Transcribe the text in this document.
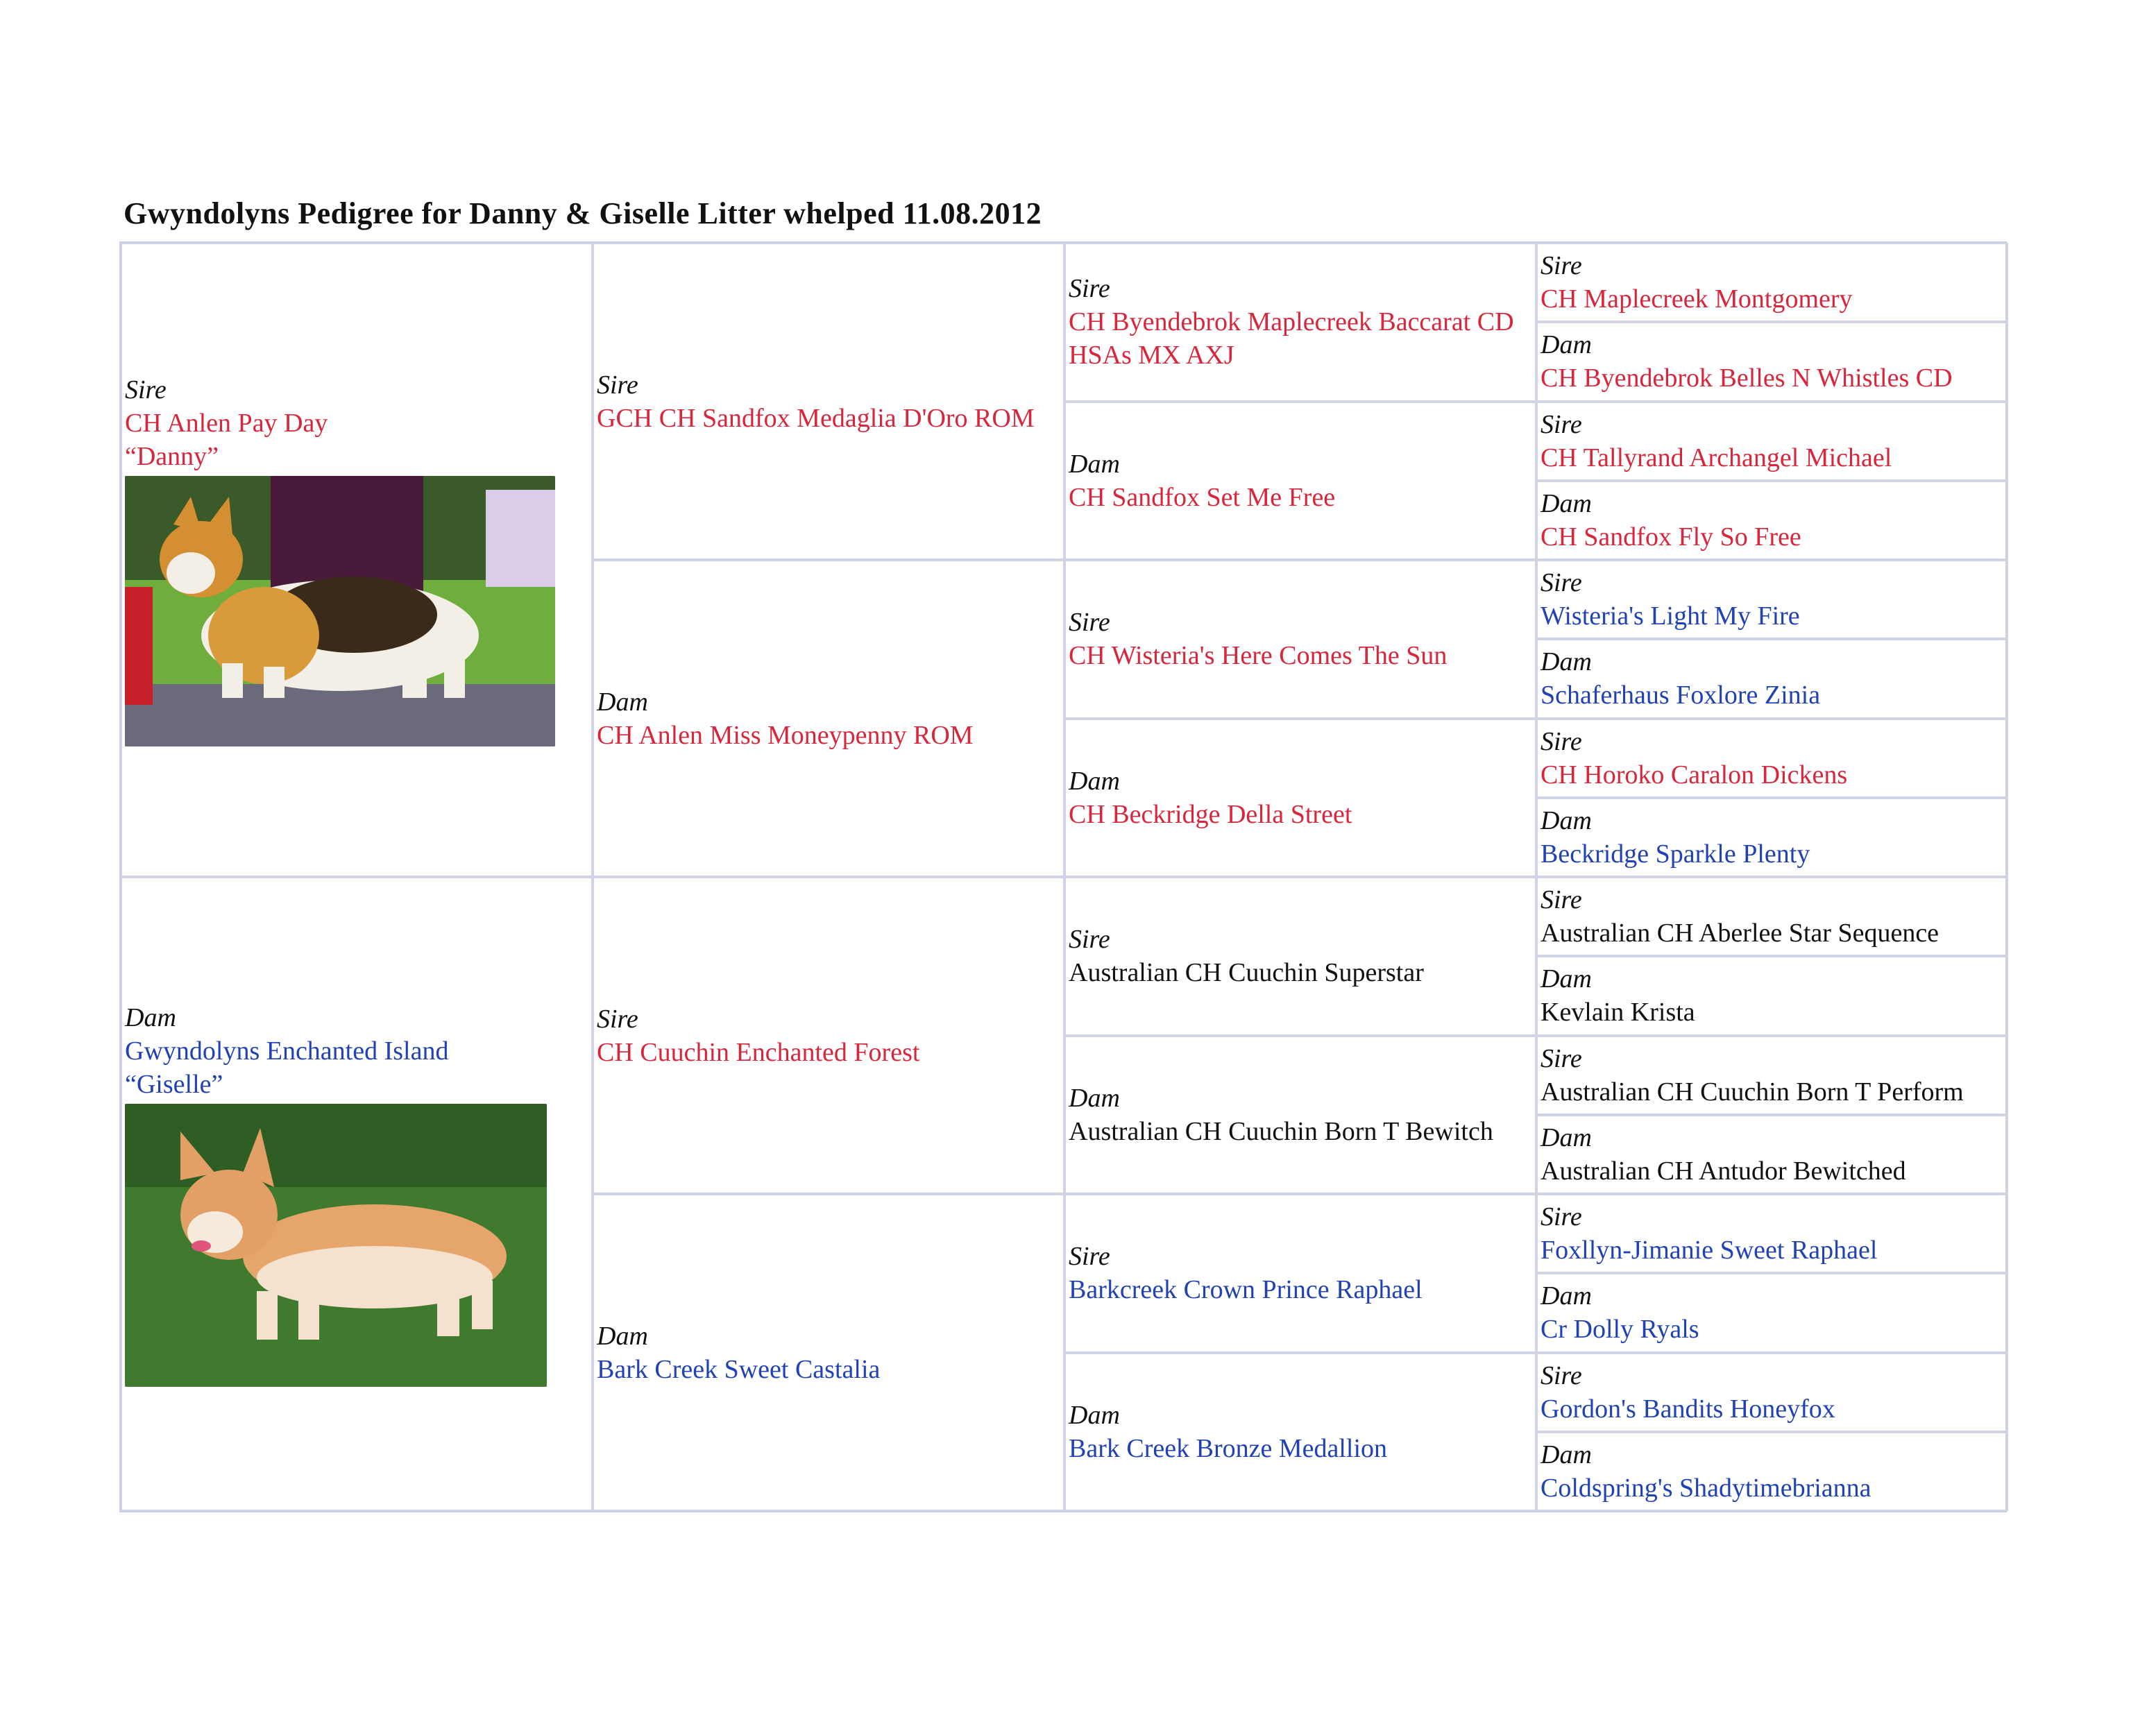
Gwyndolyns Pedigree for Danny & Giselle Litter whelped 11.08.2012
Sire
CH Anlen Pay Day
“Danny”
Dam
Gwyndolyns Enchanted Island
“Giselle”
Sire
GCH CH Sandfox Medaglia D'Oro ROM
Dam
CH Anlen Miss Moneypenny ROM
Sire
CH Cuuchin Enchanted Forest
Dam
Bark Creek Sweet Castalia
Sire
CH Byendebrok Maplecreek Baccarat CD HSAs MX AXJ
Dam
CH Sandfox Set Me Free
Sire
CH Wisteria's Here Comes The Sun
Dam
CH Beckridge Della Street
Sire
Australian CH Cuuchin Superstar
Dam
Australian CH Cuuchin Born T Bewitch
Sire
Barkcreek Crown Prince Raphael
Dam
Bark Creek Bronze Medallion
Sire
CH Maplecreek Montgomery
Dam
CH Byendebrok Belles N Whistles CD
Sire
CH Tallyrand Archangel Michael
Dam
CH Sandfox Fly So Free
Sire
Wisteria's Light My Fire
Dam
Schaferhaus Foxlore Zinia
Sire
CH Horoko Caralon Dickens
Dam
Beckridge Sparkle Plenty
Sire
Australian CH Aberlee Star Sequence
Dam
Kevlain Krista
Sire
Australian CH Cuuchin Born T Perform
Dam
Australian CH Antudor Bewitched
Sire
Foxllyn-Jimanie Sweet Raphael
Dam
Cr Dolly Ryals
Sire
Gordon's Bandits Honeyfox
Dam
Coldspring's Shadytimebrianna
